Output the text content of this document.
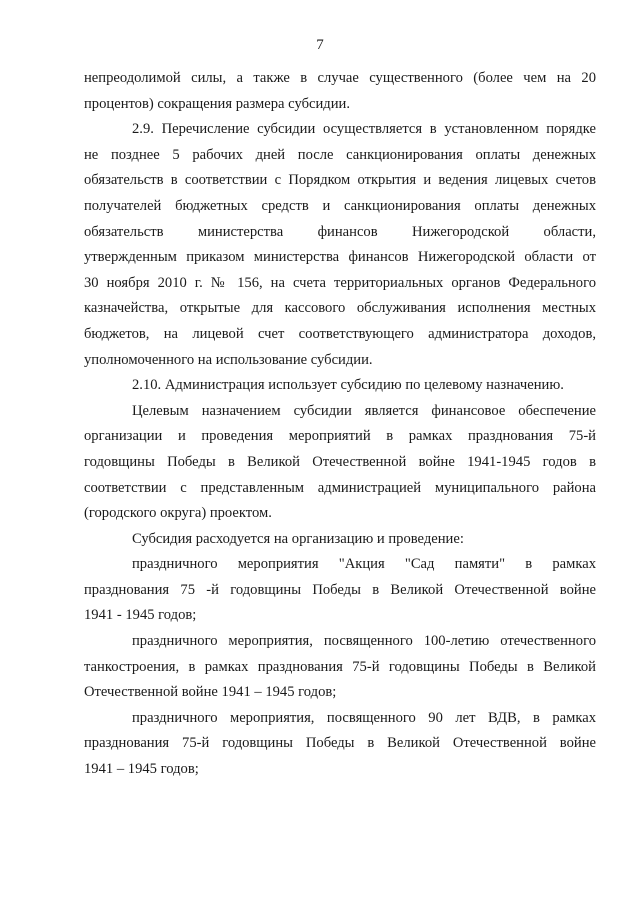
7
непреодолимой силы, а также в случае существенного (более чем на 20
процентов) сокращения размера субсидии.
2.9. Перечисление субсидии осуществляется в установленном порядке
не позднее 5 рабочих дней после санкционирования оплаты денежных
обязательств в соответствии с Порядком открытия и ведения лицевых счетов
получателей бюджетных средств и санкционирования оплаты денежных
обязательств министерства финансов Нижегородской области,
утвержденным приказом министерства финансов Нижегородской области от
30 ноября 2010 г. № 156, на счета территориальных органов Федерального
казначейства, открытые для кассового обслуживания исполнения местных
бюджетов, на лицевой счет соответствующего администратора доходов,
уполномоченного на использование субсидии.
2.10. Администрация использует субсидию по целевому назначению.
Целевым назначением субсидии является финансовое обеспечение
организации и проведения мероприятий в рамках празднования 75-й
годовщины Победы в Великой Отечественной войне 1941-1945 годов в
соответствии с представленным администрацией муниципального района
(городского округа) проектом.
Субсидия расходуется на организацию и проведение:
праздничного мероприятия "Акция "Сад памяти" в рамках
празднования 75 -й годовщины Победы в Великой Отечественной войне
1941 - 1945 годов;
праздничного мероприятия, посвященного 100-летию отечественного
танкостроения, в рамках празднования 75-й годовщины Победы в Великой
Отечественной войне 1941 – 1945 годов;
праздничного мероприятия, посвященного 90 лет ВДВ, в рамках
празднования 75-й годовщины Победы в Великой Отечественной войне
1941 – 1945 годов;
